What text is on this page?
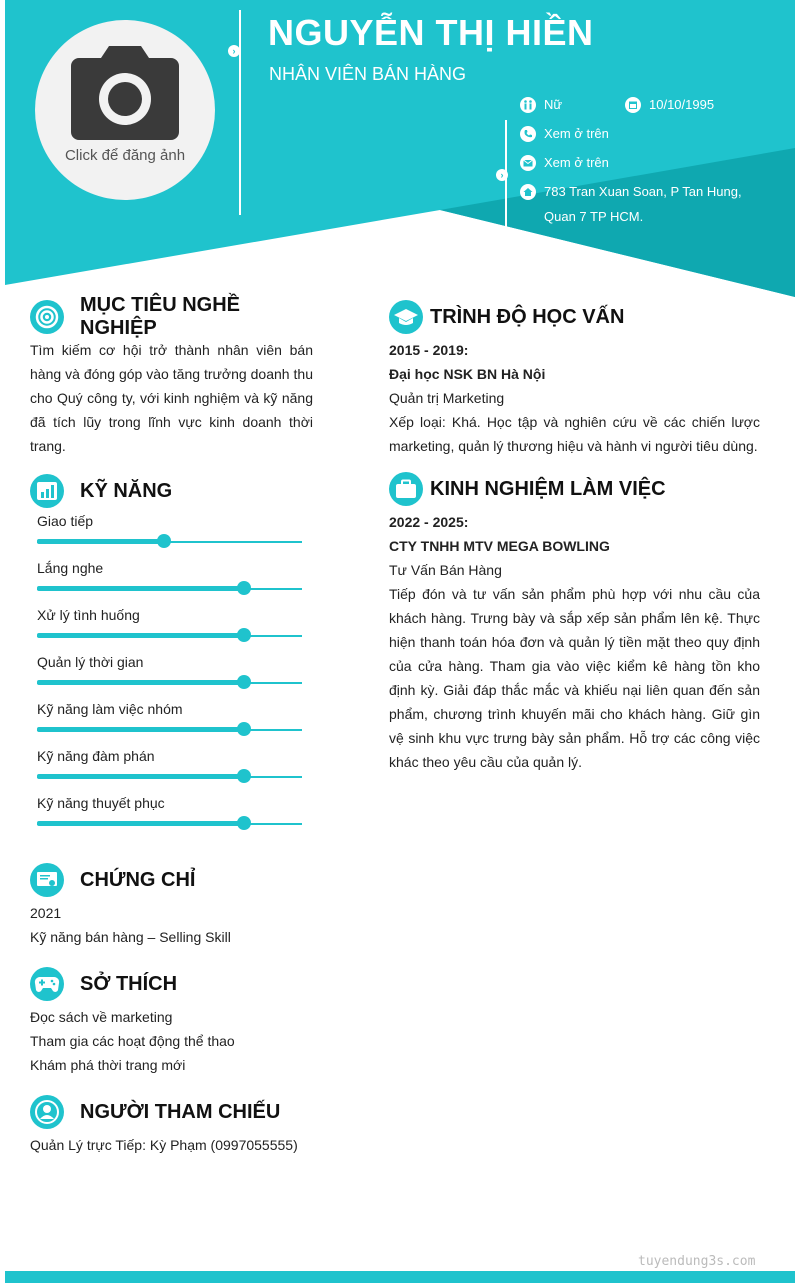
Click để đăng ảnh
› NGUYỄN THỊ HIỀN
NHÂN VIÊN BÁN HÀNG
›
Nữ	10/10/1995
Xem ở trên
Xem ở trên
783 Tran Xuan Soan, P Tan Hung,
Quan 7 TP HCM.
MỤC TIÊU NGHỀ NGHIỆP
Tìm kiếm cơ hội trở thành nhân viên bán hàng và đóng góp vào tăng trưởng doanh thu cho Quý công ty, với kinh nghiệm và kỹ năng đã tích lũy trong lĩnh vực kinh doanh thời trang.
KỸ NĂNG
Giao tiếp
Lắng nghe
Xử lý tình huống
Quản lý thời gian
Kỹ năng làm việc nhóm
Kỹ năng đàm phán
Kỹ năng thuyết phục
CHỨNG CHỈ
2021
Kỹ năng bán hàng – Selling Skill
SỞ THÍCH
Đọc sách về marketing
Tham gia các hoạt động thể thao
Khám phá thời trang mới
NGƯỜI THAM CHIẾU
Quản Lý trực Tiếp: Kỳ Phạm (0997055555)
TRÌNH ĐỘ HỌC VẤN
2015 - 2019:
Đại học NSK BN Hà Nội
Quản trị Marketing
Xếp loại: Khá. Học tập và nghiên cứu về các chiến lược marketing, quản lý thương hiệu và hành vi người tiêu dùng.
KINH NGHIỆM LÀM VIỆC
2022 - 2025:
CTY TNHH MTV MEGA BOWLING
Tư Vấn Bán Hàng
Tiếp đón và tư vấn sản phẩm phù hợp với nhu cầu của khách hàng. Trưng bày và sắp xếp sản phẩm lên kệ. Thực hiện thanh toán hóa đơn và quản lý tiền mặt theo quy định của cửa hàng. Tham gia vào việc kiểm kê hàng tồn kho định kỳ. Giải đáp thắc mắc và khiếu nại liên quan đến sản phẩm, chương trình khuyến mãi cho khách hàng. Giữ gìn vệ sinh khu vực trưng bày sản phẩm. Hỗ trợ các công việc khác theo yêu cầu của quản lý.
tuyendung3s.com
